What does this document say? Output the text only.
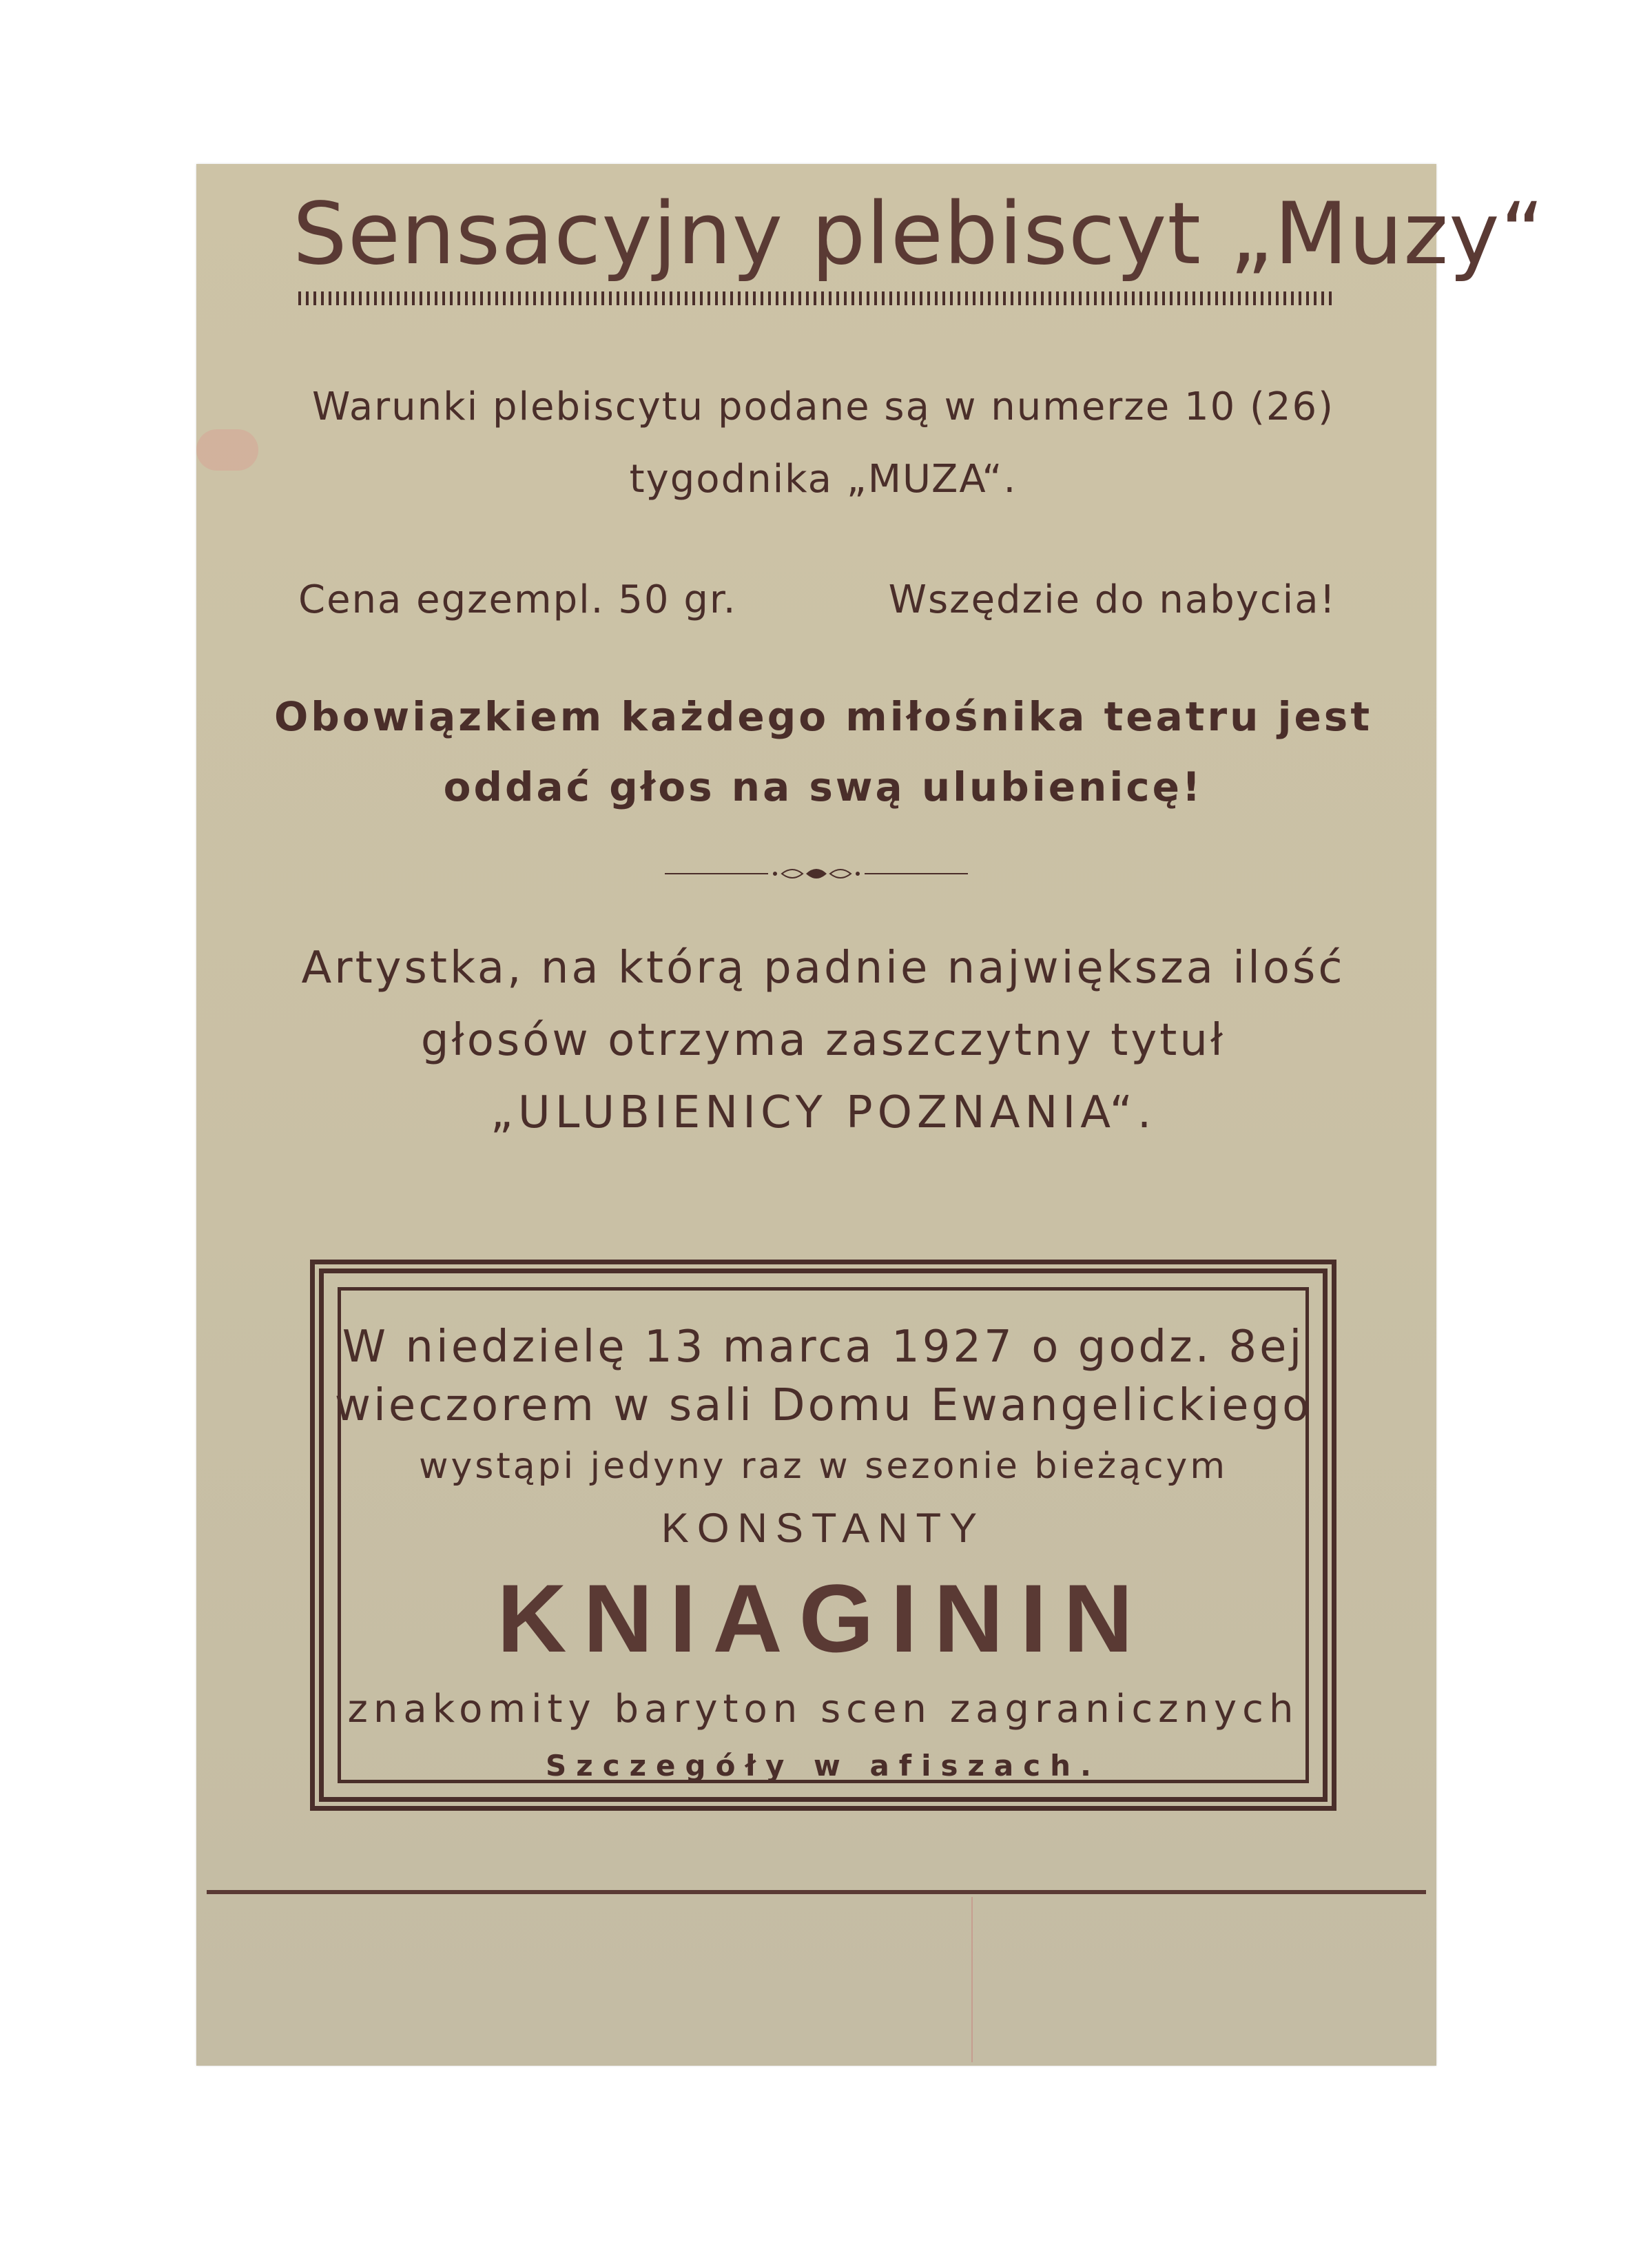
Sensacyjny plebiscyt „Muzy“
Warunki plebiscytu podane są w numerze 10 (26)
tygodnika „MUZA“.
Cena egzempl. 50 gr.	Wszędzie do nabycia!
Obowiązkiem każdego miłośnika teatru jest
oddać głos na swą ulubienicę!
Artystka, na którą padnie największa ilość
głosów otrzyma zaszczytny tytuł
„ULUBIENICY POZNANIA“.
W niedzielę 13 marca 1927 o godz. 8ej
wieczorem w sali Domu Ewangelickiego
wystąpi jedyny raz w sezonie bieżącym
KONSTANTY
KNIAGININ
znakomity baryton scen zagranicznych
Szczegóły w afiszach.
